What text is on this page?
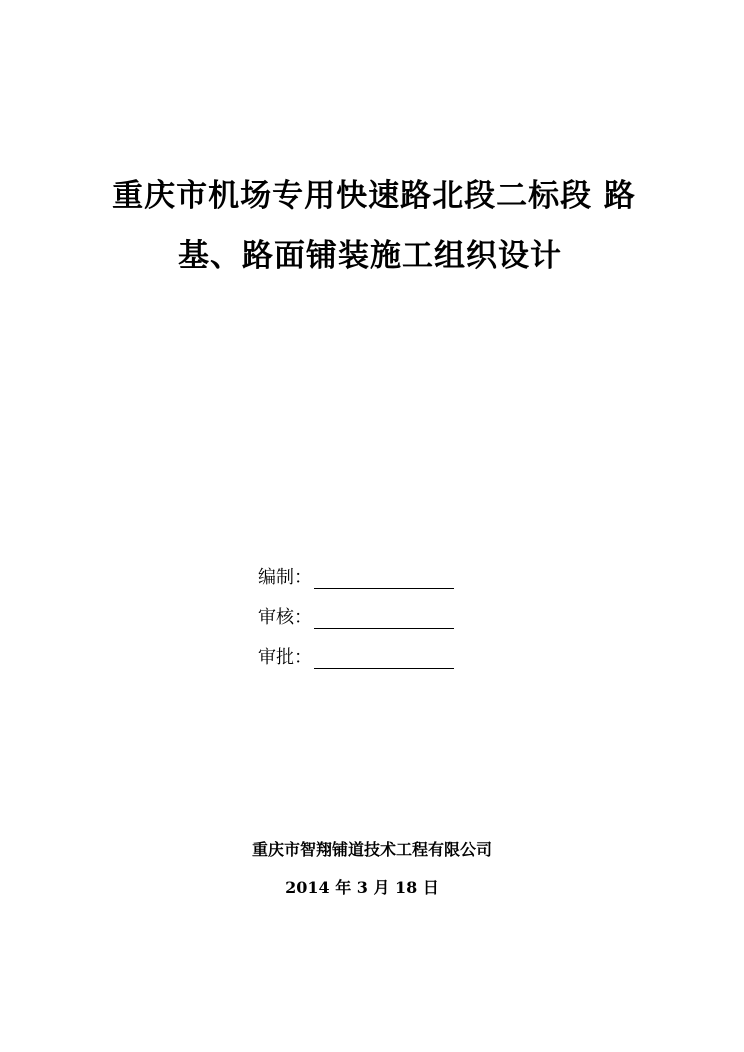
重庆市机场专用快速路北段二标段 路
基、路面铺装施工组织设计
编制：
审核：
审批：
重庆市智翔铺道技术工程有限公司
2014 年 3 月 18 日
